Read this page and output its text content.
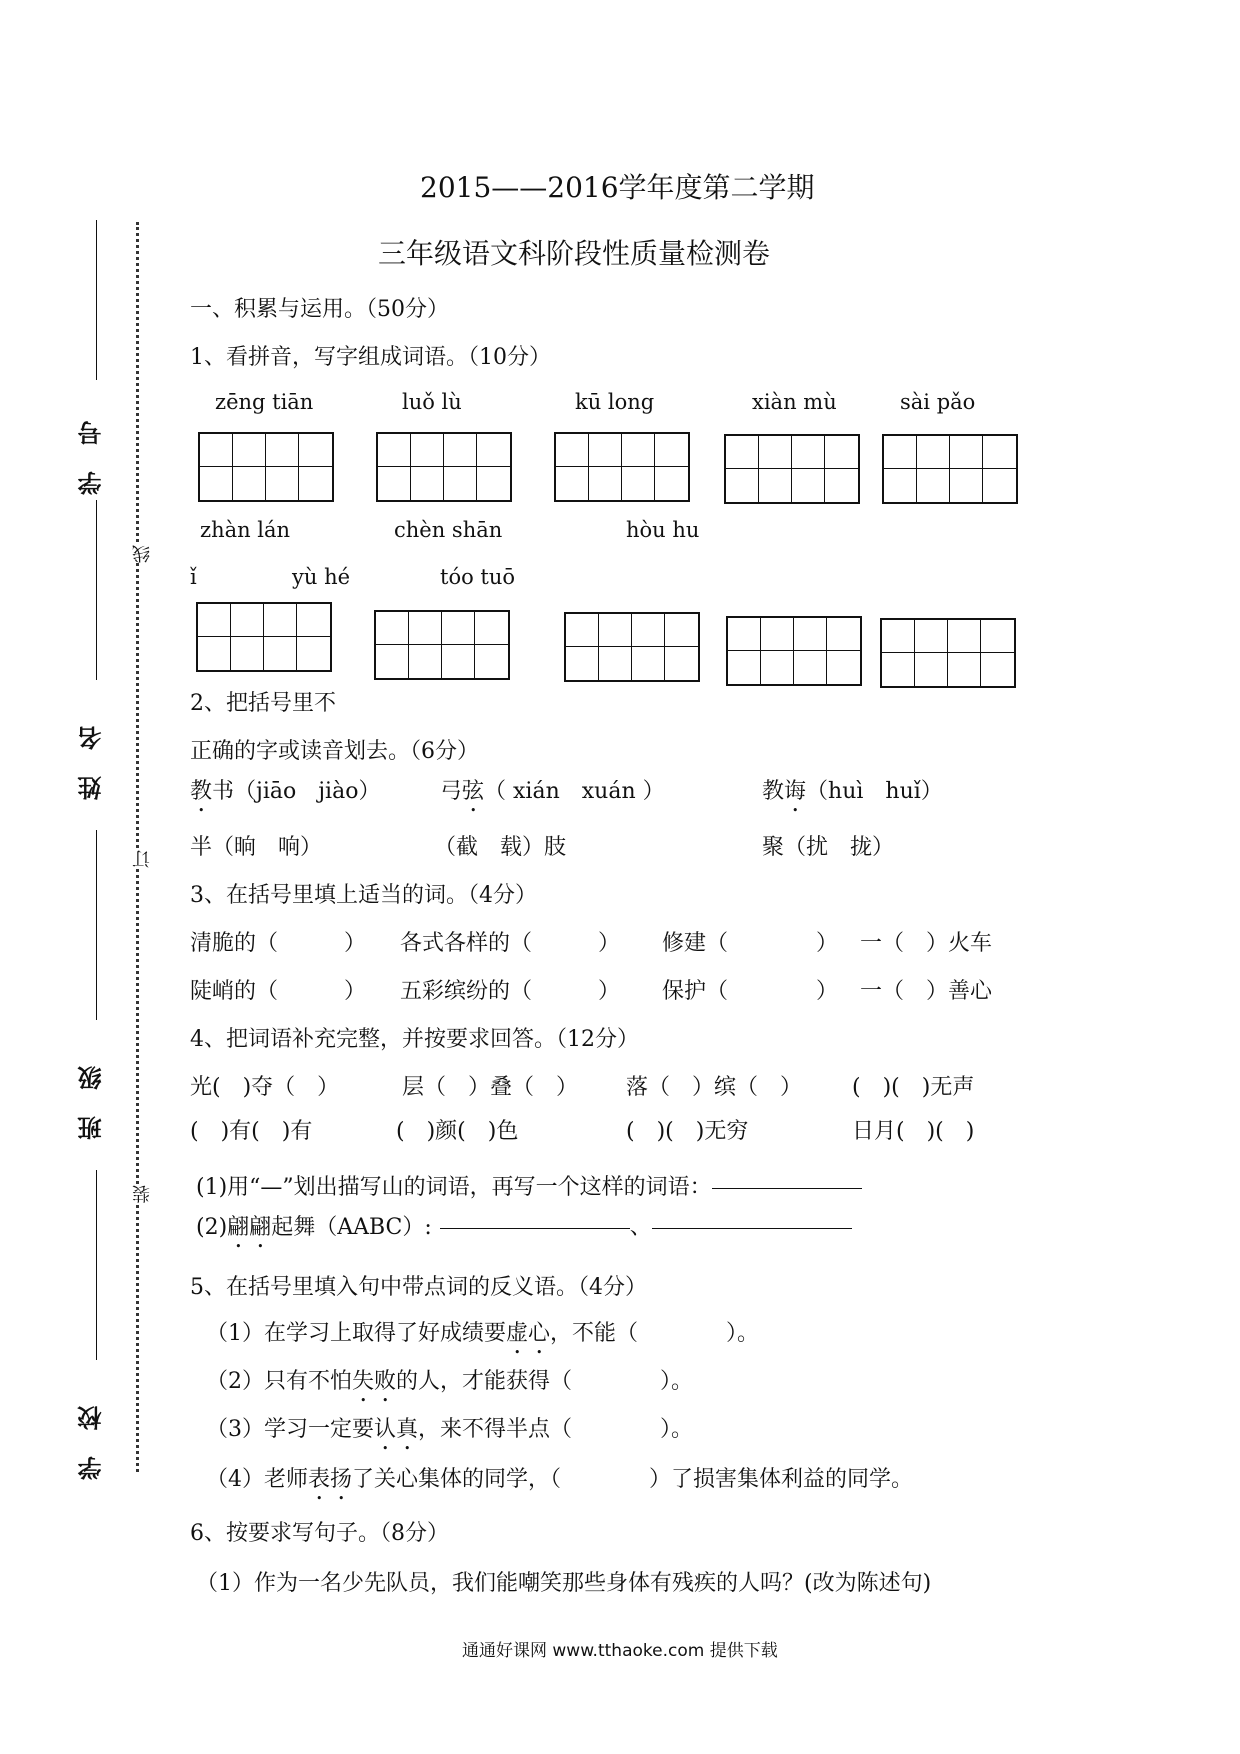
学号
姓名
班级
学校
线
订
装
2015——2016学年度第二学期
三年级语文科阶段性质量检测卷
一、积累与运用。（50分）
1、看拼音，写字组成词语。（10分）
zēng tiān	luǒ lù	kū long	xiàn mù	sài pǎo
zhàn lán	chèn shān	hòu hu
ǐ	yù hé	tóo tuō
2、把括号里不
正确的字或读音划去。（6分）
教书（jiāo　jiào）	弓弦（ xián　xuán ）	教诲（huì　huǐ）
半（晌　响）	（截　载）肢	聚（扰　拢）
3、在括号里填上适当的词。（4分）
清脆的（　　　） 各式各样的（　　　） 修建（　　　　） 一（　）火车
陡峭的（　　　） 五彩缤纷的（　　　） 保护（　　　　） 一（　）善心
4、把词语补充完整，并按要求回答。（12分）
光(　)夺（　）	层（　）叠（　） 落（　）缤（　） (　)(　)无声
(　)有(　)有	(　)颜(　)色	(　)(　)无穷	日月(　)(　)
(1)用“—”划出描写山的词语，再写一个这样的词语：
(2)翩翩起舞（AABC）:	、
5、在括号里填入句中带点词的反义语。（4分）
（1）在学习上取得了好成绩要虚心，不能（　　　　）。
（2）只有不怕失败的人，才能获得（　　　　）。
（3）学习一定要认真，来不得半点（　　　　）。
（4）老师表扬了关心集体的同学，（　　　　）了损害集体利益的同学。
6、按要求写句子。（8分）
（1）作为一名少先队员，我们能嘲笑那些身体有残疾的人吗？(改为陈述句)
通通好课网 www.tthaoke.com 提供下载
